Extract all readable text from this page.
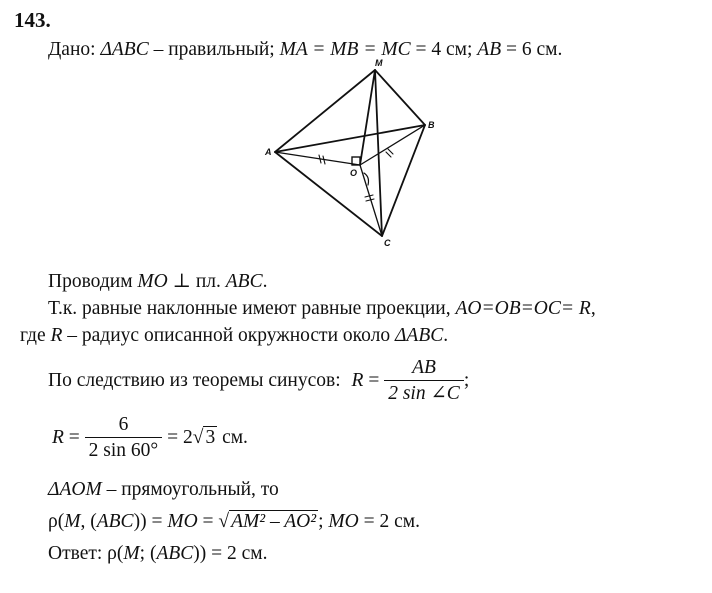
143.
Дано: ΔABC – правильный; MA = MB = MC = 4 см; AB = 6 см.
M
A
B
C
O
Проводим MO ⊥ пл. ABC.
Т.к. равные наклонные имеют равные проекции, AO=OB=OC= R,
где R – радиус описанной окружности около ΔABC.
По следствию из теоремы синусов: $R = \frac{AB}{2 \sin \angle C}$ ;
$R = \frac{6}{2 \sin 60^\circ} = 2√$ 3 см.
ΔAOM – прямоугольный, то
ρ(M, (ABC)) = MO = √ AM² – AO² ; MO = 2 см.
Ответ: ρ(M; (ABC)) = 2 см.
